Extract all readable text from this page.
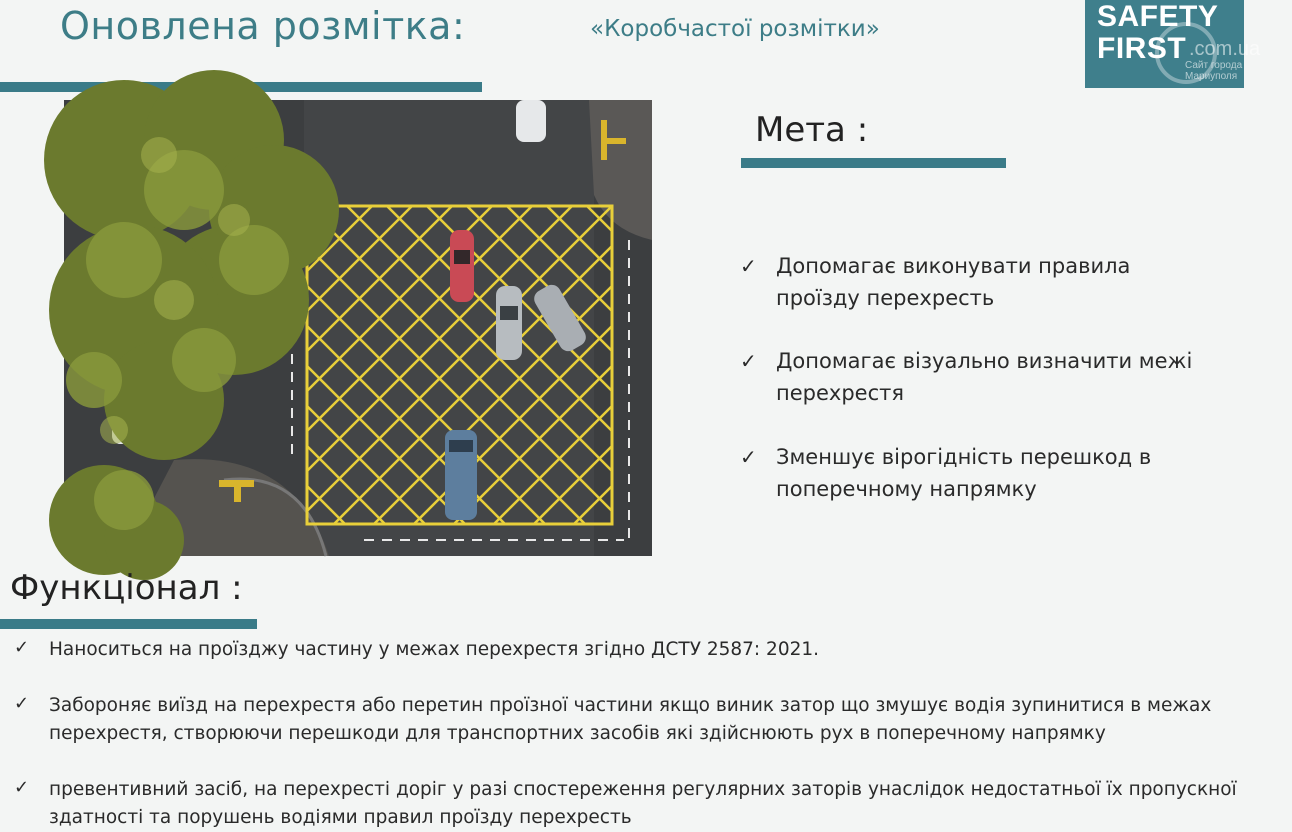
Оновлена розмітка:	«Коробчастої розмітки»	SAFETY
FIRST .com.ua
Сайт города
Мариуполя
Мета :
✓ Допомагає виконувати правила проїзду перехресть
✓ Допомагає візуально визначити межі перехрестя
✓ Зменшує вірогідність перешкод в поперечному напрямку
Функціонал :
✓ Наноситься на проїзджу частину у межах перехрестя згідно ДСТУ 2587: 2021.
✓ Забороняє виїзд на перехрестя або перетин проїзної частини якщо виник затор що змушує водія зупинитися в межах перехрестя, створюючи перешкоди для транспортних засобів які здійснюють рух в поперечному напрямку
✓ превентивний засіб, на перехресті доріг у разі спостереження регулярних заторів унаслідок недостатньої їх пропускної здатності та порушень водіями правил проїзду перехресть
